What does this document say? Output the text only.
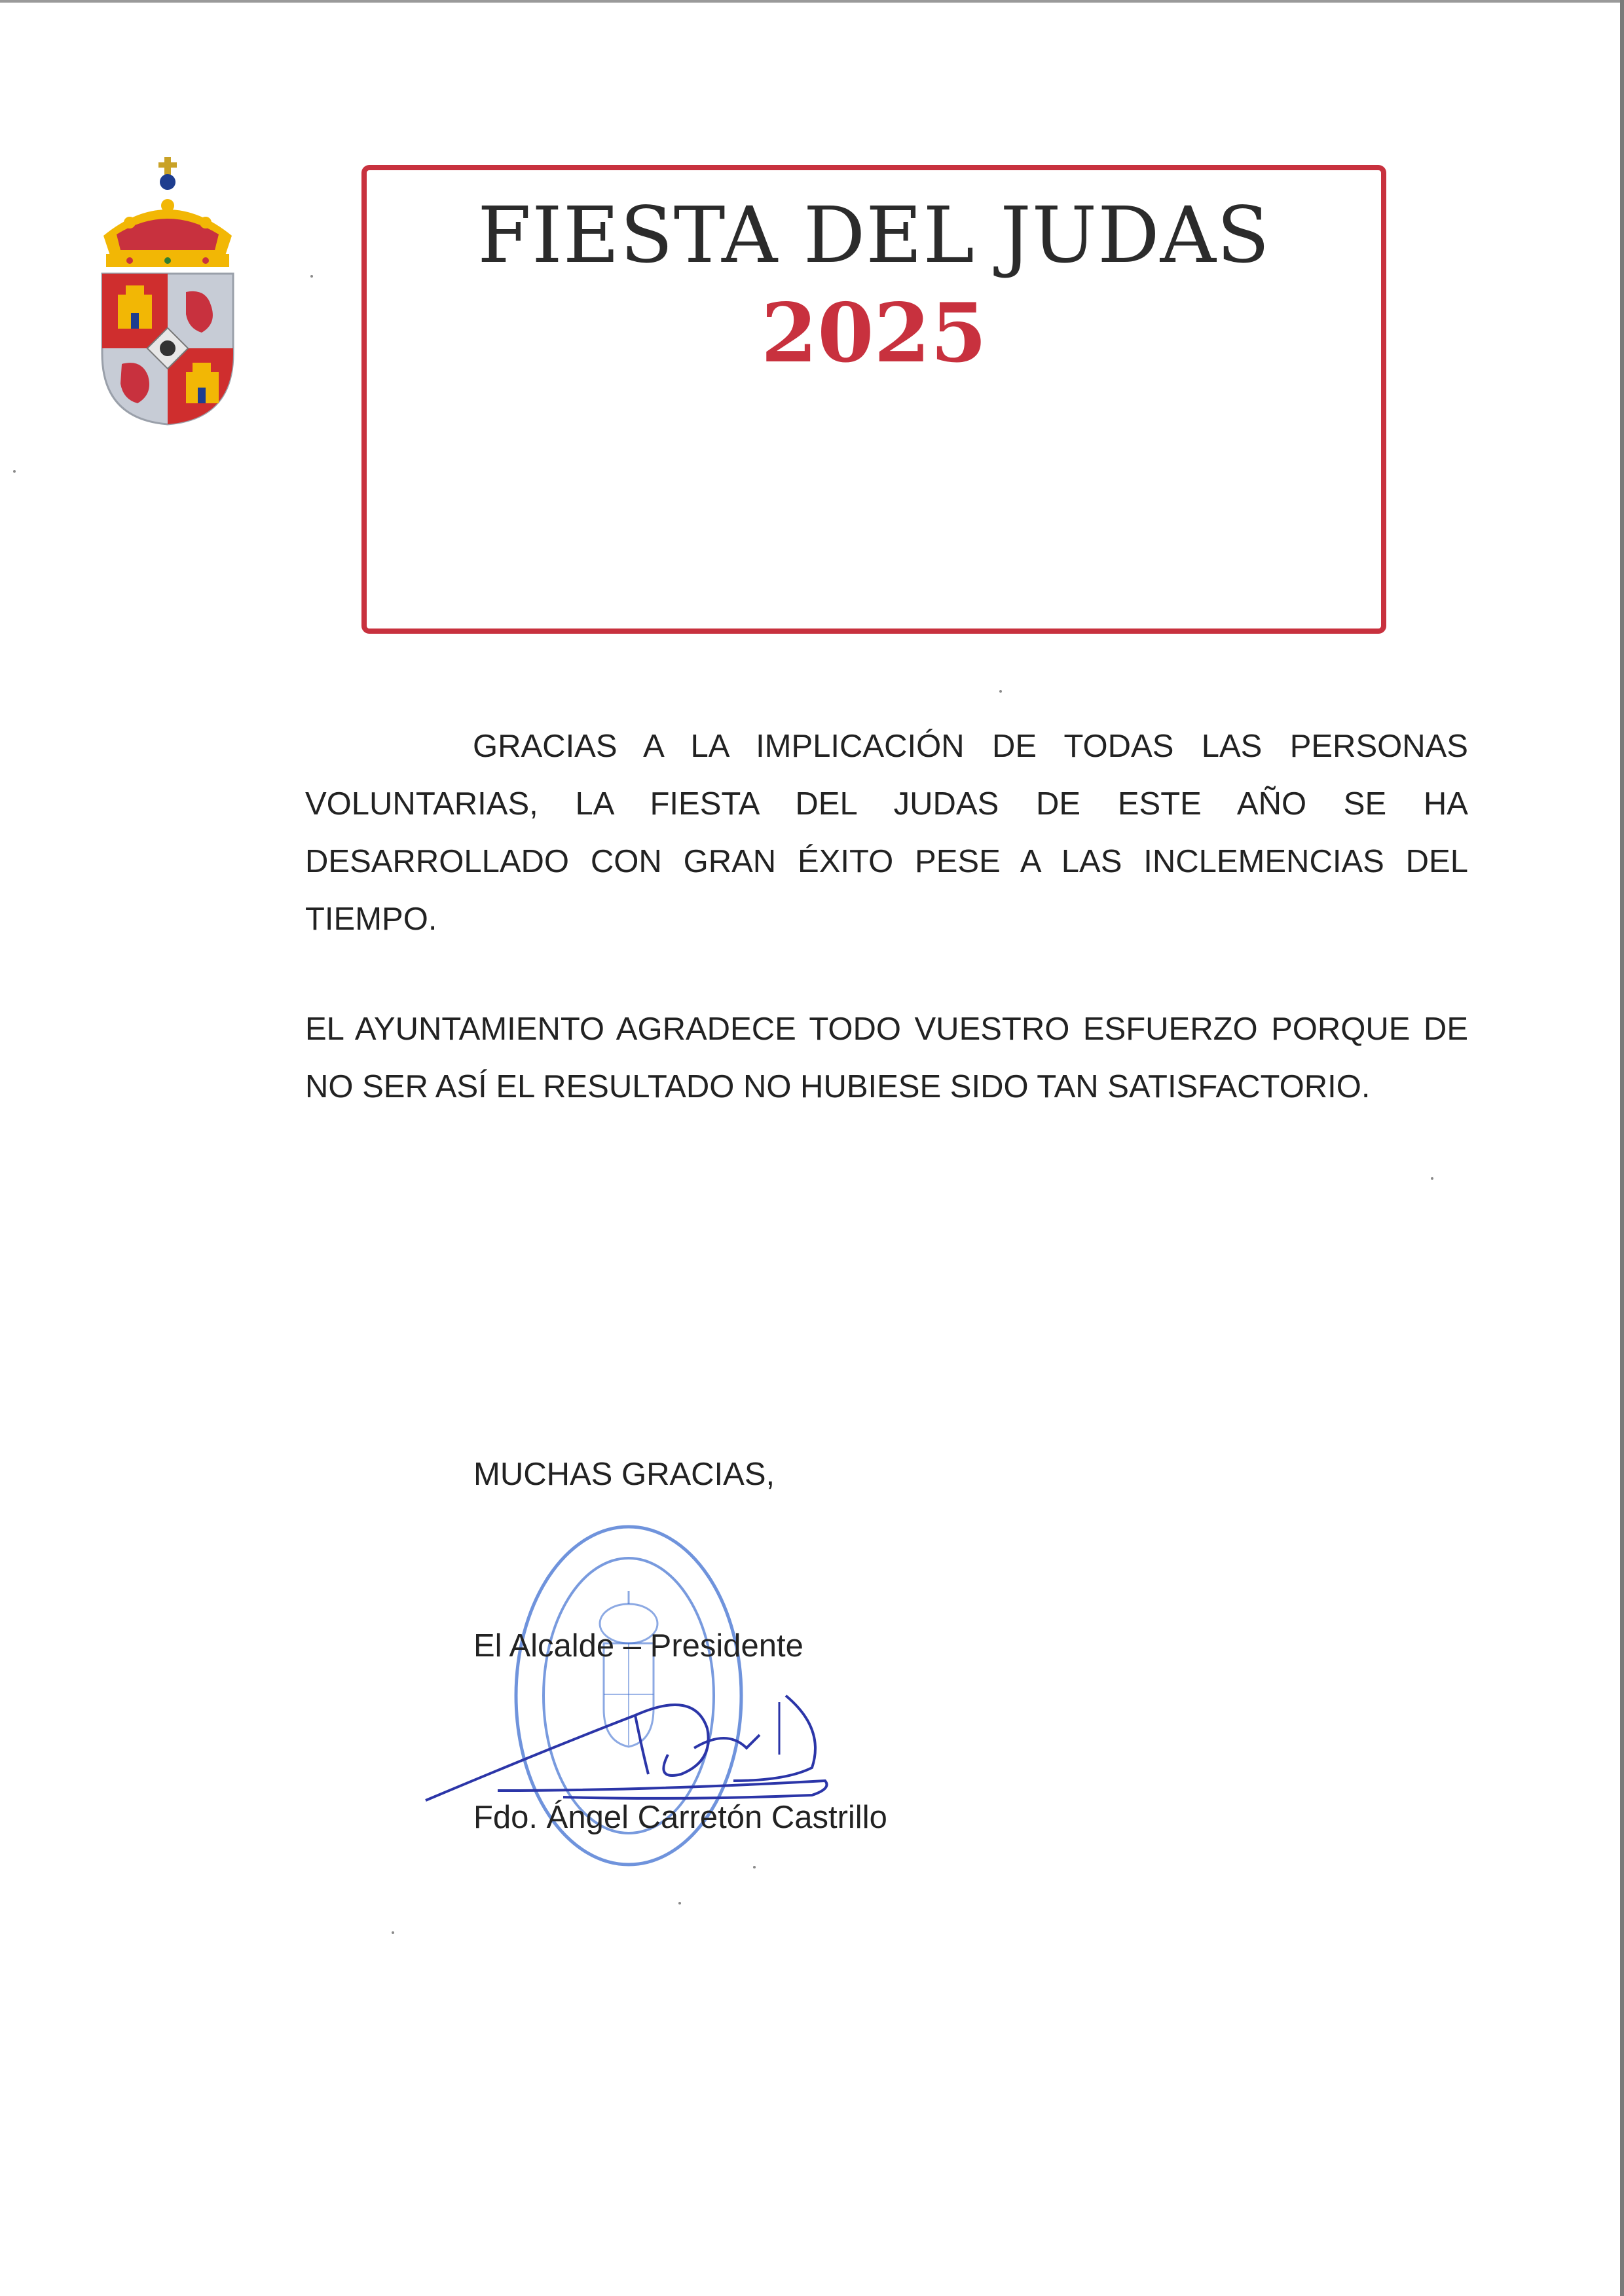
FIESTA DEL JUDAS
2025
GRACIAS A LA IMPLICACIÓN DE TODAS LAS PERSONAS VOLUNTARIAS, LA FIESTA DEL JUDAS DE ESTE AÑO SE HA DESARROLLADO CON GRAN ÉXITO PESE A LAS INCLEMENCIAS DEL TIEMPO.
EL AYUNTAMIENTO AGRADECE TODO VUESTRO ESFUERZO PORQUE DE NO SER ASÍ EL RESULTADO NO HUBIESE SIDO TAN SATISFACTORIO.
MUCHAS GRACIAS,
El Alcalde – Presidente
Fdo. Ángel Carretón Castrillo
